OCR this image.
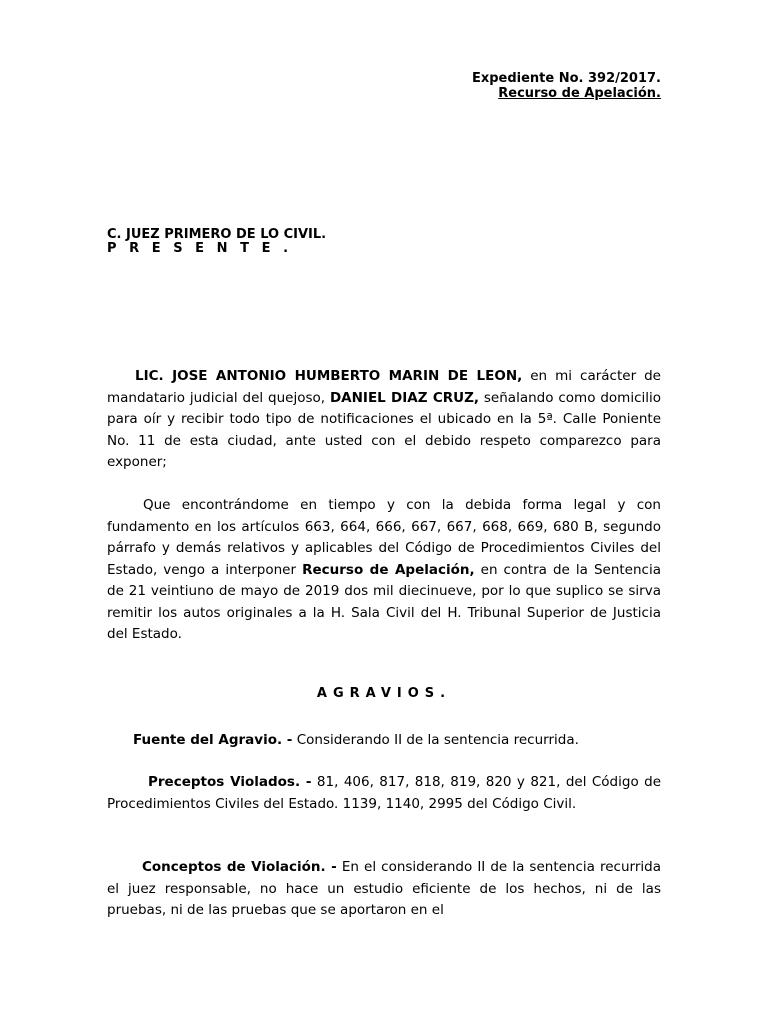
Expediente No. 392/2017.
Recurso de Apelación.
C. JUEZ PRIMERO DE LO CIVIL.
PRESENTE.
LIC. JOSE ANTONIO HUMBERTO MARIN DE LEON, en mi carácter de mandatario judicial del quejoso, DANIEL DIAZ CRUZ, señalando como domicilio para oír y recibir todo tipo de notificaciones el ubicado en la 5ª. Calle Poniente No. 11 de esta ciudad, ante usted con el debido respeto comparezco para exponer;
Que encontrándome en tiempo y con la debida forma legal y con fundamento en los artículos 663, 664, 666, 667, 667, 668, 669, 680 B, segundo párrafo y demás relativos y aplicables del Código de Procedimientos Civiles del Estado, vengo a interponer Recurso de Apelación, en contra de la Sentencia de 21 veintiuno de mayo de 2019 dos mil diecinueve, por lo que suplico se sirva remitir los autos originales a la H. Sala Civil del H. Tribunal Superior de Justicia del Estado.
AGRAVIOS.
Fuente del Agravio. - Considerando II de la sentencia recurrida.
Preceptos Violados. - 81, 406, 817, 818, 819, 820 y 821, del Código de Procedimientos Civiles del Estado. 1139, 1140, 2995 del Código Civil.
Conceptos de Violación. - En el considerando II de la sentencia recurrida el juez responsable, no hace un estudio eficiente de los hechos, ni de las pruebas, ni de las pruebas que se aportaron en el
